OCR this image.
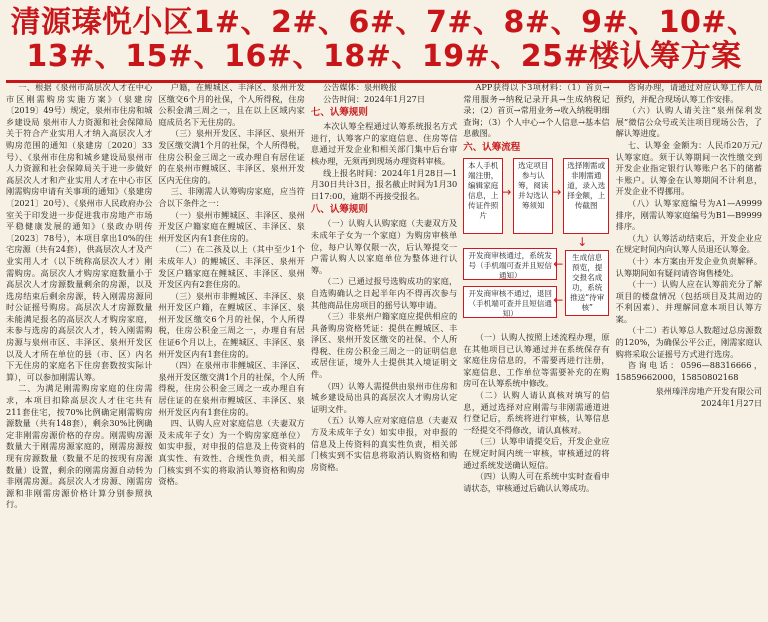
清源瑧悦小区1#、2#、6#、7#、8#、9#、10#、
13#、15#、16#、18#、19#、25#楼认筹方案

一、根据《泉州市高层次人才在中心市区刚需购房实施方案》（泉建房〔2019〕49号）规定，泉州市住房和城乡建设局 泉州市人力资源和社会保障局关于符合产业实用人才纳入高层次人才购房范围的通知（泉建房〔2020〕33号）、《泉州市住房和城乡建设局泉州市人力资源和社会保障局关于进一步做好高层次人才和产业实用人才在中心市区刚需购房申请有关事项的通知》（泉建房〔2021〕20号）、《泉州市人民政府办公室关于印发进一步促进我市房地产市场平稳健康发展的通知》（泉政办明传〔2023〕78号），本项目拿出10%的住宅房源（共有24套），供高层次人才及产业实用人才（以下统称高层次人才）刚需购房。高层次人才购房家庭数量小于高层次人才房源数量剩余的房源，以及选房结束后剩余房源，转入刚需房源同时公证摇号购房。高层次人才房源数量未能满足报名的高层次人才购房家庭，未参与选房的高层次人才，转入刚需购房源与泉州市区、丰泽区、泉州开发区以及人才所在单位的县（市、区）内名下无住房的家庭名下住房套数按实际计算），可以参加刚需认筹。

二、为满足刚需购房家庭的住房需求，本项目扣除高层次人才住宅共有211套住宅，按70%比例确定刚需购房源数量（共有148套），剩余30%比例确定非刚需房源价格的存房。刚需购房源数量大于刚需房源家庭的，刚需房源按现有房源数量（数量不足的按现有房源数量）设置，剩余的刚需房源自动转为非刚需房源。高层次人才房源、刚需房源和非刚需房源价格计算分别参照执行。

户籍，在鲤城区、丰泽区、泉州开发区缴交6个月的社保，个人所得税，住房公积金满三周之一，且在以上区域内家庭成员名下无住房的。

（三）泉州开发区、丰泽区、泉州开发区缴交满1个月的社保，个人所得税，住房公积金三周之一或办理自有居住证的在泉州市鲤城区、丰泽区、泉州开发区内无住房的。

三、非刚需人认筹购房家庭，应当符合以下条件之一：

（一）泉州市鲤城区、丰泽区、泉州开发区户籍家庭在鲤城区、丰泽区、泉州开发区内有1套住房的。

（二）在二孩及以上（其中至少1个未成年人）的鲤城区、丰泽区、泉州开发区户籍家庭在鲤城区、丰泽区、泉州开发区内有2套住房的。

（三）泉州市非鲤城区、丰泽区、泉州开发区户籍，在鲤城区、丰泽区、泉州开发区缴交6个月的社保，个人所得税，住房公积金三周之一，办理自有居住证6个月以上，在鲤城区、丰泽区、泉州开发区内有1套住房的。

（四）在泉州市非鲤城区、丰泽区、泉州开发区缴交满1个月的社保，个人所得税，住房公积金三周之一或办理自有居住证的在泉州市鲤城区、丰泽区、泉州开发区内有1套住房的。

四、认购人应对家庭信息（夫妻双方及未成年子女）为一个购房家庭单位）如实申报，对申报的信息及上传资料的真实性、有效性、合规性负责，相关部门核实到不实的将取消认筹资格和购房资格。

公告媒体：泉州晚报

公告时间：2024年1月27日

七、认筹规则

本次认筹全程通过认筹系统报名方式进行，认筹客户的家庭信息、住房等信息通过开发企业和相关部门集中后台审核办理，无须再到现场办理资料审核。

线上报名时间：2024年1月28日—1月30日共计3日，报名截止时间为1月30日17:00，逾期不再接受报名。

八、认筹规则

（一）认购人认购家庭（夫妻双方及未成年子女为一个家庭）为购房审核单位，每户认筹仅限一次，后认筹提交一户需认购人以家庭单位为整体进行认筹。

（二）已通过报号选购成功的家庭，自选购确认之日起半年内不得再次参与其他商品住房项目的摇号认筹申请。

（三）非泉州户籍家庭应提供相应的具备购房资格凭证：提供在鲤城区、丰泽区、泉州开发区缴交的社保、个人所得税、住房公积金三周之一的证明信息或居住证，境外人士提供其入境证明文件。

（四）认筹人需提供由泉州市住房和城乡建设局出具的高层次人才购房认定证明文件。

（五）认筹人应对家庭信息（夫妻双方及未成年子女）如实申报，对申报的信息及上传资料的真实性负责，相关部门核实到不实信息将取消认购资格和购房资格。

APP获得以下3项材料：（1）首页→常用服务→纳税记录开具→生成纳税记录；（2）首页→常用业务→收入纳税明细查询；（3）个人中心→个人信息→基本信息截图。

六、认筹流程
本人手机端注册，编辑家庭信息，上传证件照片
→
选定项目参与认筹，阅读并勾选认筹须知
→
选择刚需或非刚需通道，录入选择金额，上传截图
↓
开发商审核通过，系统发号（手机端可查并且短信通知）
←	生成信息预览，提交报名成功，系统推送“待审核”
开发商审核不通过，退回（手机端可查并且短信通知）
←

（一）认购人按照上述流程办理，原在其他项目已认筹通过并在系统保存有家庭住房信息的，不需要再进行注册，家庭信息、工作单位等需要补充的在购房可在认筹系统中修改。

（二）认购人请认真核对填写的信息，通过选择对应刚需与非刚需通道进行登记后，系统将进行审核，认筹信息一经提交不得修改，请认真核对。

（三）认筹申请提交后，开发企业应在规定时间内统一审核，审核通过的将通过系统发送确认短信。

（四）认购人可在系统中实时查看申请状态，审核通过后确认认筹成功。

咨询办理，请通过对应认筹工作人员预约，并配合现场认筹工作安排。

（六）认购人请关注“泉州保利发展”微信公众号或关注项目现场公告，了解认筹进度。

七、认筹金 金额为：人民币20万元/认筹家庭。须于认筹期间一次性缴交到开发企业指定银行认筹账户名下的储蓄卡账户。认筹金在认筹期间不计利息，开发企业不得挪用。

（八）认筹家庭编号为A1—A9999排序，刚需认筹家庭编号为B1—B9999排序。

（九）认筹活动结束后，开发企业应在规定时间内向认筹人员退还认筹金。

（十）本方案由开发企业负责解释。认筹期间如有疑问请咨询售楼处。

（十一）认购人应在认筹前充分了解项目的楼盘情况（包括项目及其周边的不利因素）、并理解同意本项目认筹方案。

（十二）若认筹总人数超过总房源数的120%，为确保公平公正，刚需家庭认购将采取公证摇号方式进行选房。

咨询电话：0596—88316666，15859662000，15850802168

泉州瑧洋房地产开发有限公司
2024年1月27日
